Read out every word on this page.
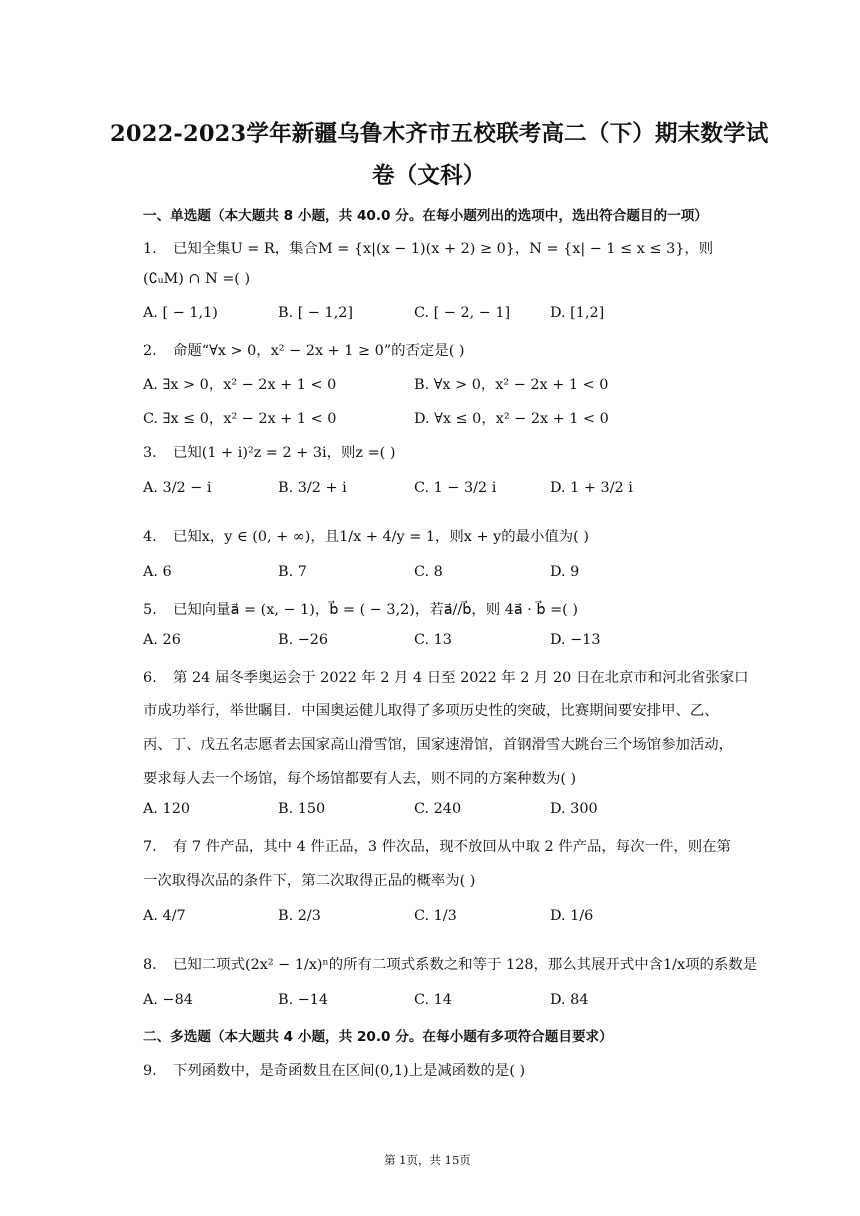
2022-2023学年新疆乌鲁木齐市五校联考高二（下）期末数学试
卷（文科）
一、单选题（本大题共 8 小题，共 40.0 分。在每小题列出的选项中，选出符合题目的一项）
1. 已知全集U = R，集合M = {x|(x − 1)(x + 2) ≥ 0}，N = {x| − 1 ≤ x ≤ 3}，则
(∁ᵤM) ∩ N =( )
A. [ − 1,1)	B. [ − 1,2]	C. [ − 2, − 1]	D. [1,2]
2. 命题“∀x > 0，x² − 2x + 1 ≥ 0”的否定是( )
A. ∃x > 0，x² − 2x + 1 < 0	B. ∀x > 0，x² − 2x + 1 < 0
C. ∃x ≤ 0，x² − 2x + 1 < 0	D. ∀x ≤ 0，x² − 2x + 1 < 0
3. 已知(1 + i)²z = 2 + 3i，则z =( )
A. 3/2 − i	B. 3/2 + i	C. 1 − 3/2 i	D. 1 + 3/2 i
4. 已知x，y ∈ (0, + ∞)，且1/x + 4/y = 1，则x + y的最小值为( )
A. 6	B. 7	C. 8	D. 9
5. 已知向量a⃗ = (x, − 1)，b⃗ = ( − 3,2)，若a⃗//b⃗，则 4a⃗ · b⃗ =( )
A. 26	B. −26	C. 13	D. −13
6. 第 24 届冬季奥运会于 2022 年 2 月 4 日至 2022 年 2 月 20 日在北京市和河北省张家口
市成功举行，举世瞩目．中国奥运健儿取得了多项历史性的突破，比赛期间要安排甲、乙、
丙、丁、戊五名志愿者去国家高山滑雪馆，国家速滑馆，首钢滑雪大跳台三个场馆参加活动，
要求每人去一个场馆，每个场馆都要有人去，则不同的方案种数为( )
A. 120	B. 150	C. 240	D. 300
7. 有 7 件产品，其中 4 件正品，3 件次品，现不放回从中取 2 件产品，每次一件，则在第
一次取得次品的条件下，第二次取得正品的概率为( )
A. 4/7	B. 2/3	C. 1/3	D. 1/6
8. 已知二项式(2x² − 1/x)ⁿ的所有二项式系数之和等于 128，那么其展开式中含1/x项的系数是
A. −84	B. −14	C. 14	D. 84
二、多选题（本大题共 4 小题，共 20.0 分。在每小题有多项符合题目要求）
9. 下列函数中，是奇函数且在区间(0,1)上是减函数的是( )
第 1页，共 15页
